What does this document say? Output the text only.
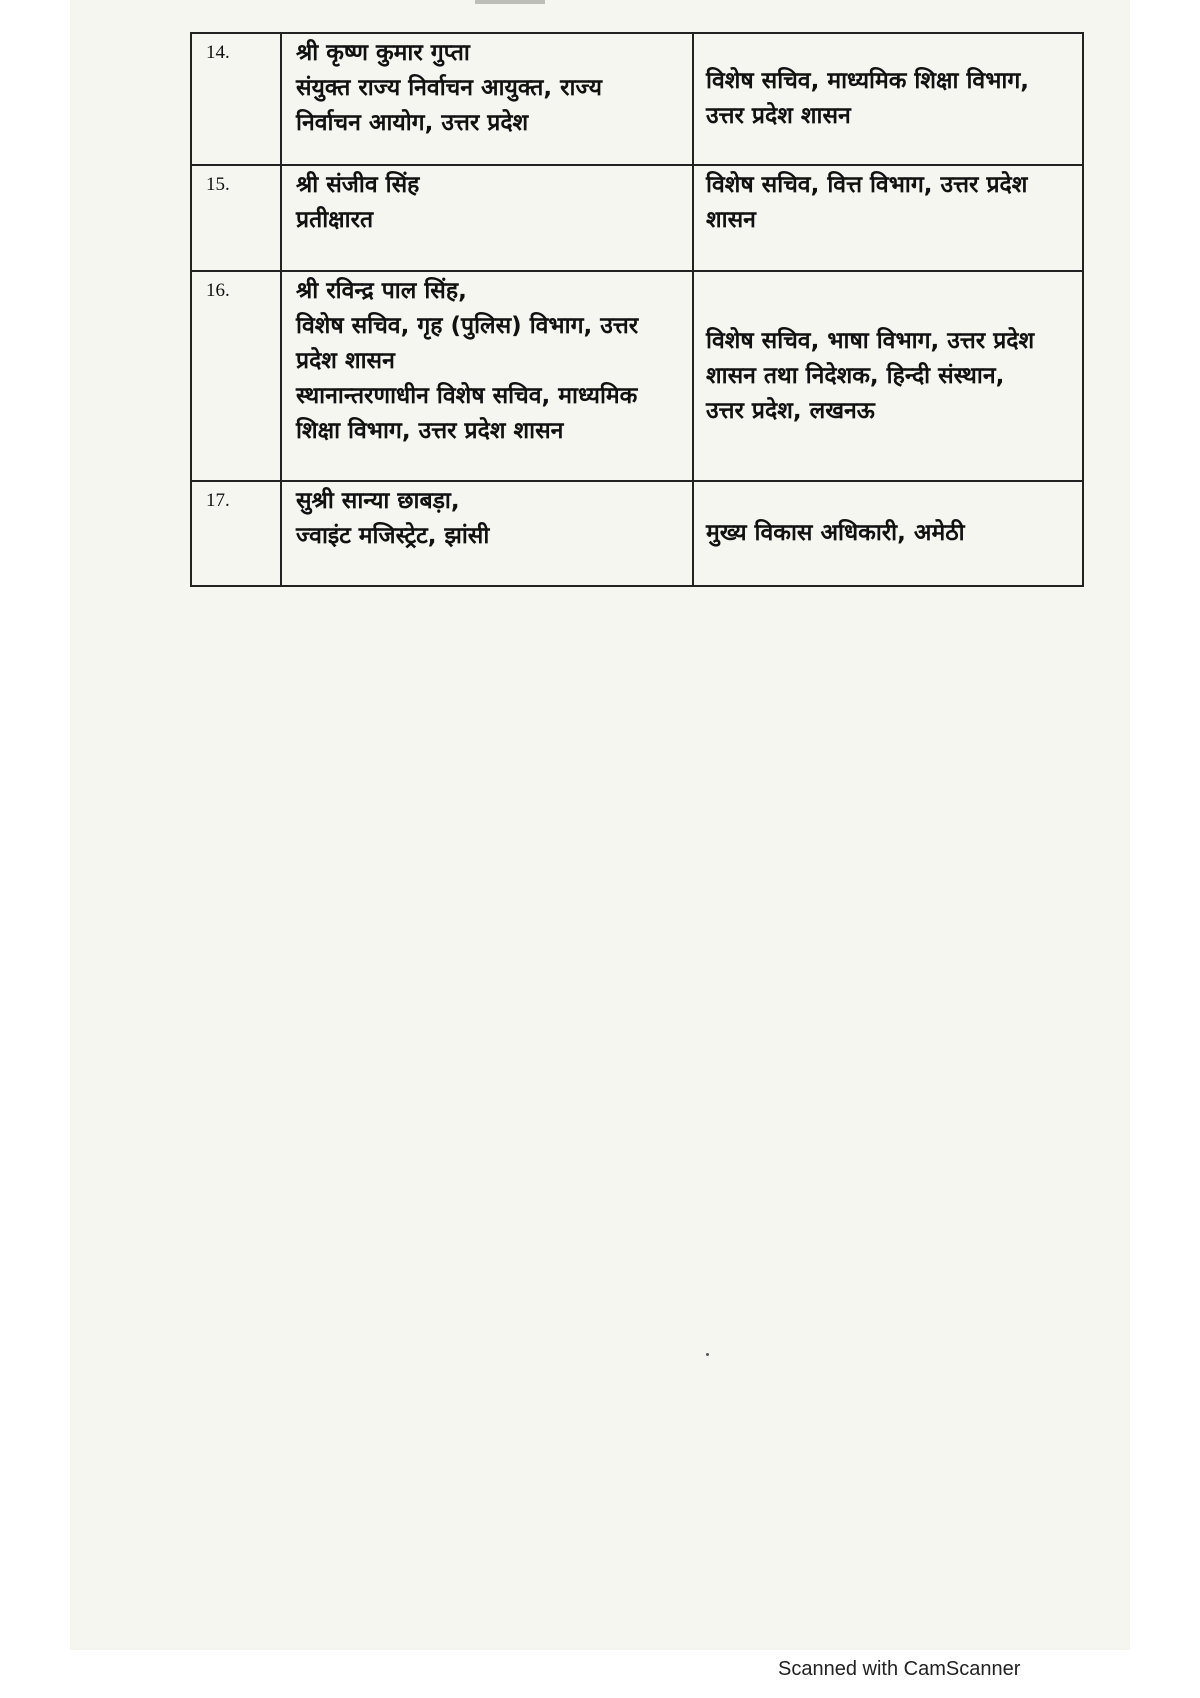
14.	श्री कृष्ण कुमार गुप्ता
संयुक्त राज्य निर्वाचन आयुक्त, राज्य
निर्वाचन आयोग, उत्तर प्रदेश	विशेष सचिव, माध्यमिक शिक्षा विभाग,
उत्तर प्रदेश शासन

15.	श्री संजीव सिंह
प्रतीक्षारत	विशेष सचिव, वित्त विभाग, उत्तर प्रदेश
शासन

16.	श्री रविन्द्र पाल सिंह,
विशेष सचिव, गृह (पुलिस) विभाग, उत्तर
प्रदेश शासन
स्थानान्तरणाधीन विशेष सचिव, माध्यमिक
शिक्षा विभाग, उत्तर प्रदेश शासन	विशेष सचिव, भाषा विभाग, उत्तर प्रदेश
शासन तथा निदेशक, हिन्दी संस्थान,
उत्तर प्रदेश, लखनऊ

17.	सुश्री सान्या छाबड़ा,
ज्वाइंट मजिस्ट्रेट, झांसी	मुख्य विकास अधिकारी, अमेठी
Scanned with CamScanner
